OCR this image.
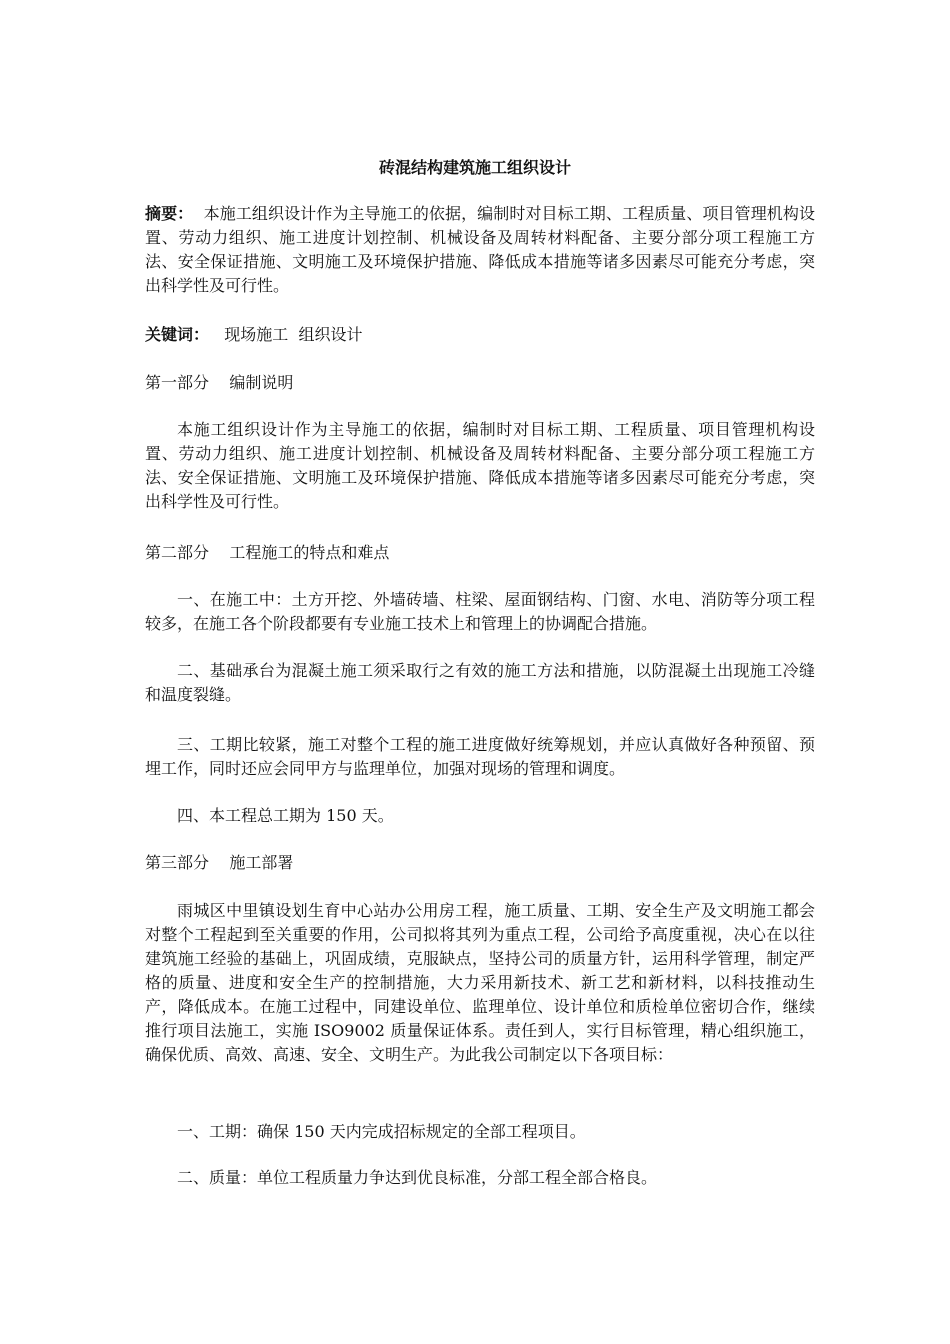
砖混结构建筑施工组织设计

摘要： 本施工组织设计作为主导施工的依据，编制时对目标工期、工程质量、项目管理机构设置、劳动力组织、施工进度计划控制、机械设备及周转材料配备、主要分部分项工程施工方法、安全保证措施、文明施工及环境保护措施、降低成本措施等诸多因素尽可能充分考虑，突出科学性及可行性。

关键词： 现场施工  组织设计

第一部分    编制说明

本施工组织设计作为主导施工的依据，编制时对目标工期、工程质量、项目管理机构设置、劳动力组织、施工进度计划控制、机械设备及周转材料配备、主要分部分项工程施工方法、安全保证措施、文明施工及环境保护措施、降低成本措施等诸多因素尽可能充分考虑，突出科学性及可行性。

第二部分    工程施工的特点和难点

一、在施工中：土方开挖、外墙砖墙、柱梁、屋面钢结构、门窗、水电、消防等分项工程较多，在施工各个阶段都要有专业施工技术上和管理上的协调配合措施。

二、基础承台为混凝土施工须采取行之有效的施工方法和措施，以防混凝土出现施工冷缝和温度裂缝。

三、工期比较紧，施工对整个工程的施工进度做好统筹规划，并应认真做好各种预留、预埋工作，同时还应会同甲方与监理单位，加强对现场的管理和调度。

四、本工程总工期为 150 天。

第三部分    施工部署

雨城区中里镇设划生育中心站办公用房工程，施工质量、工期、安全生产及文明施工都会对整个工程起到至关重要的作用，公司拟将其列为重点工程，公司给予高度重视，决心在以往建筑施工经验的基础上，巩固成绩，克服缺点，坚持公司的质量方针，运用科学管理，制定严格的质量、进度和安全生产的控制措施，大力采用新技术、新工艺和新材料，以科技推动生产，降低成本。在施工过程中，同建设单位、监理单位、设计单位和质检单位密切合作，继续推行项目法施工，实施 ISO9002 质量保证体系。责任到人，实行目标管理，精心组织施工，确保优质、高效、高速、安全、文明生产。为此我公司制定以下各项目标：

一、工期：确保 150 天内完成招标规定的全部工程项目。

二、质量：单位工程质量力争达到优良标准，分部工程全部合格良。
